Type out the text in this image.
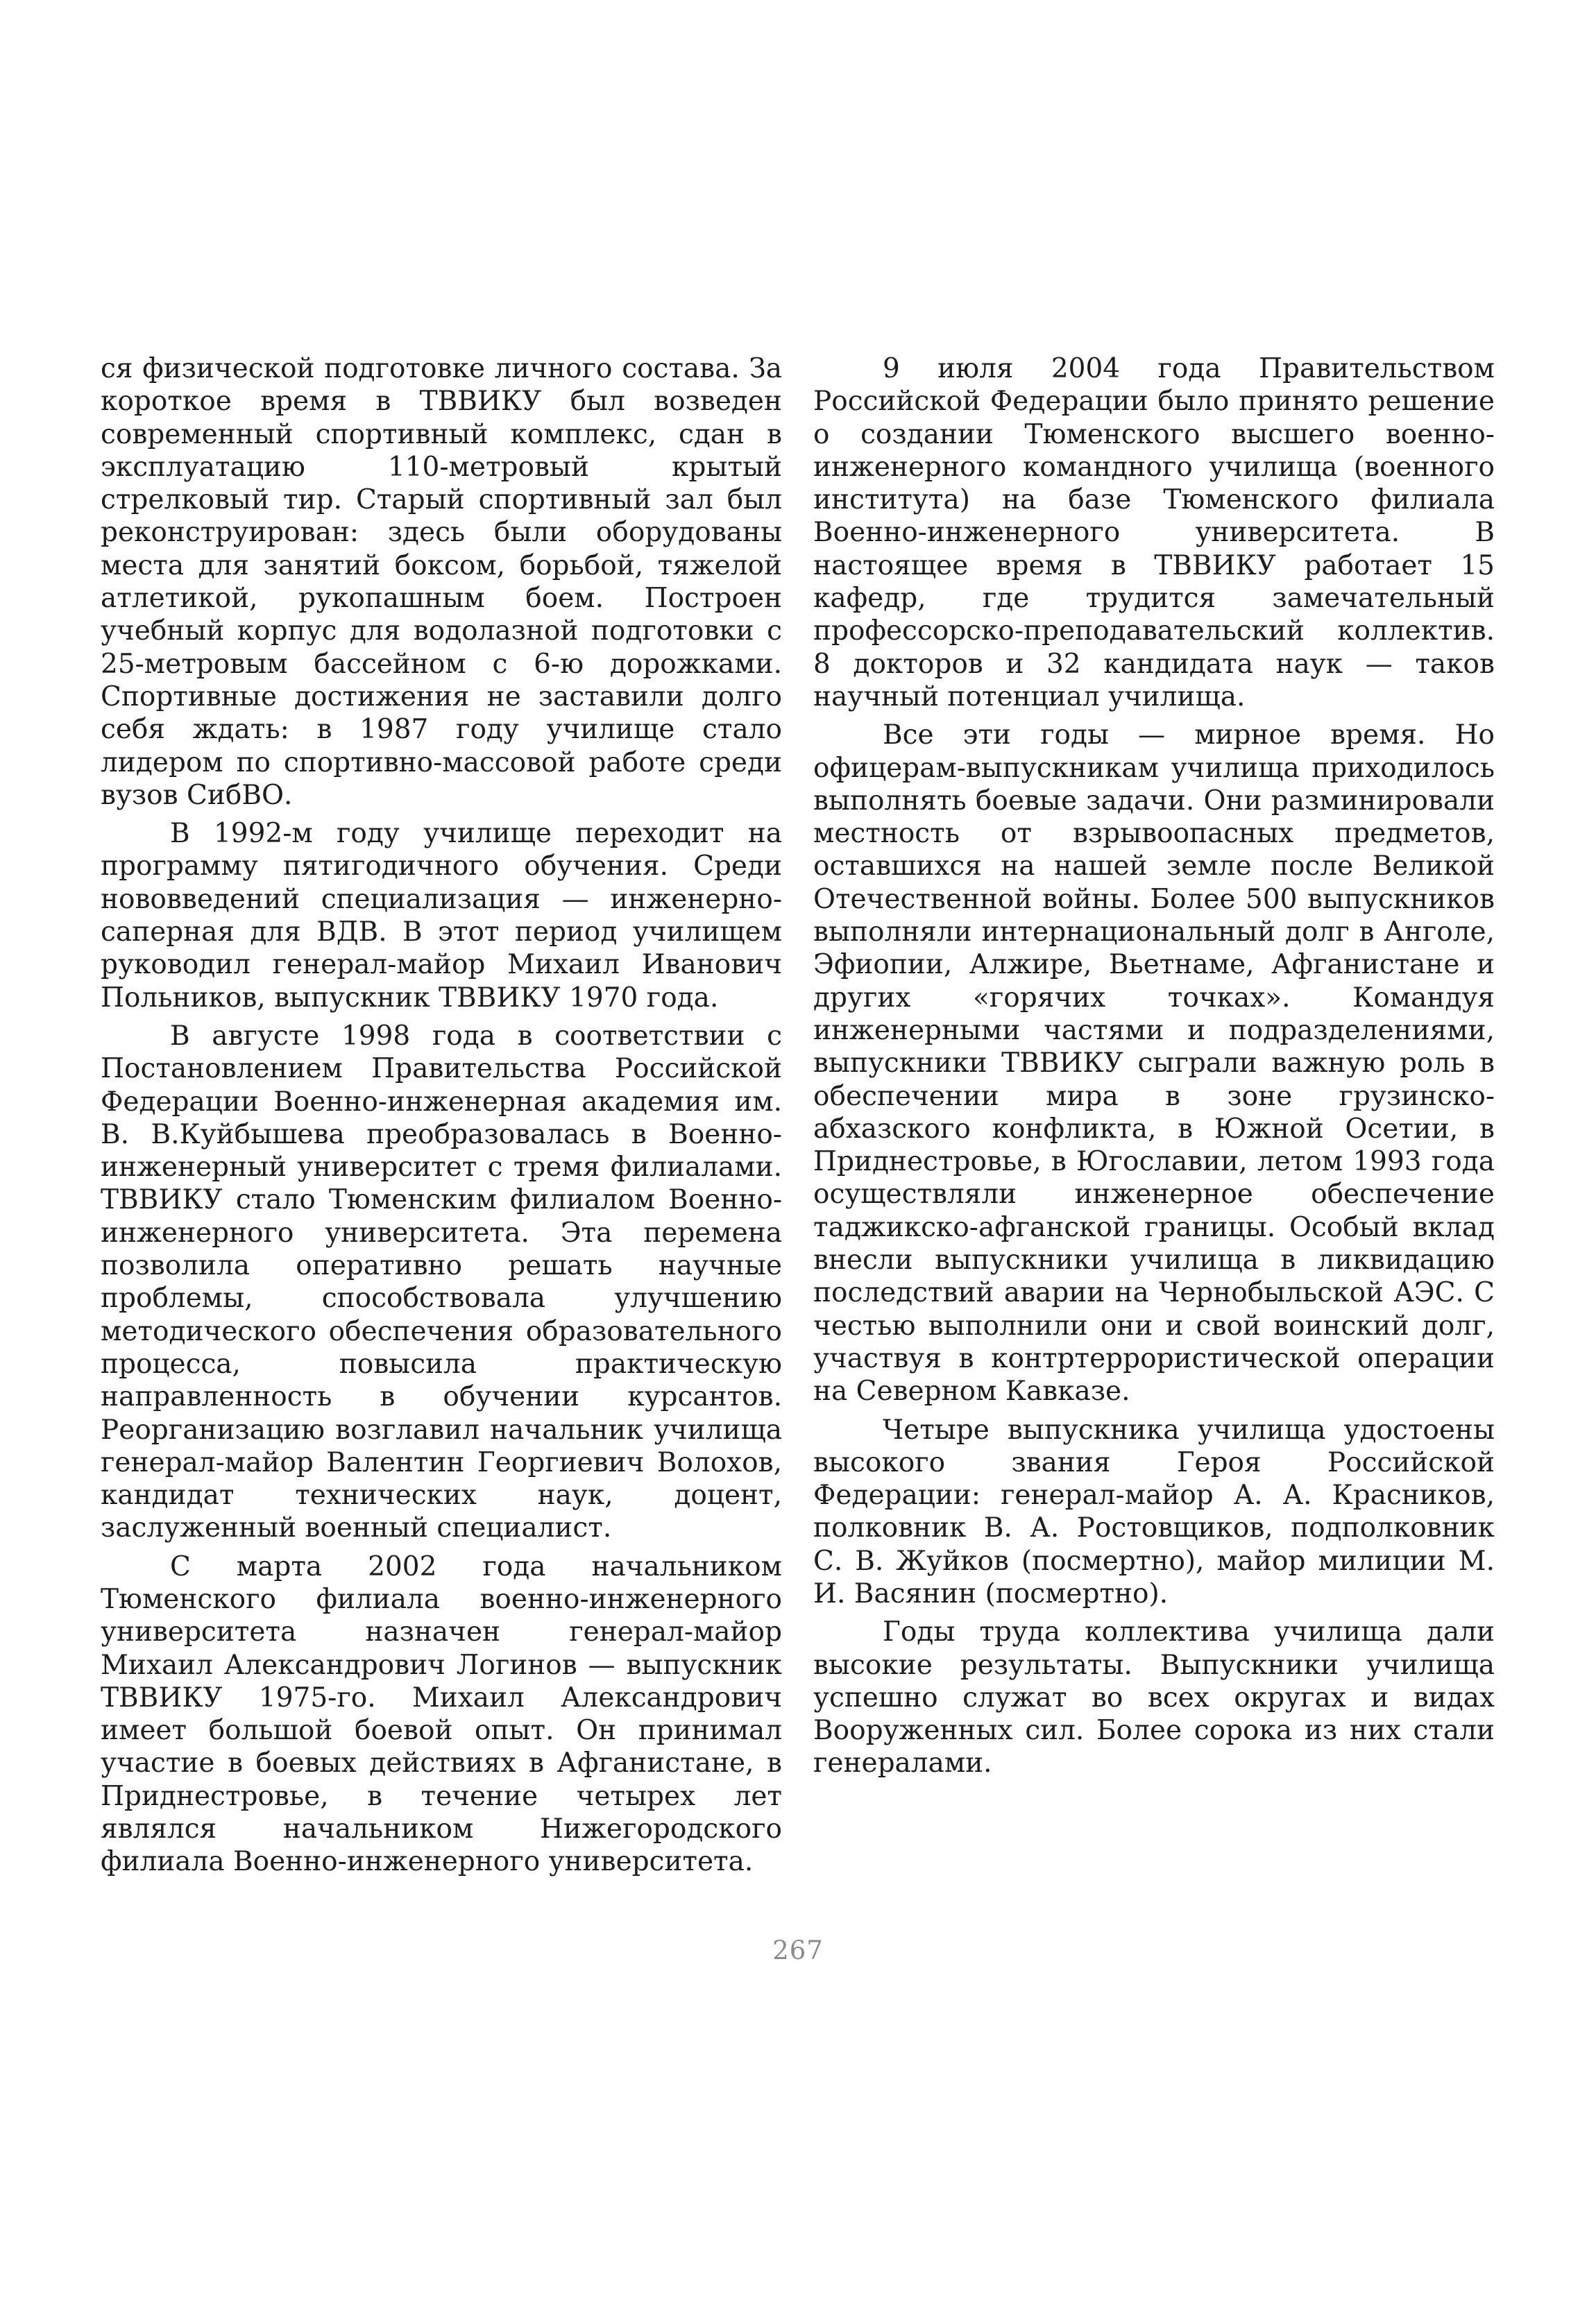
ся физической подготовке личного состава. За короткое время в ТВВИКУ был возведен современный спортивный комплекс, сдан в эксплуатацию 110-метровый крытый стрелковый тир. Старый спортивный зал был реконструирован: здесь были оборудованы места для занятий боксом, борьбой, тяжелой атлетикой, рукопашным боем. Построен учебный корпус для водолазной подготовки с 25-метровым бассейном с 6-ю дорожками. Спортивные достижения не заставили долго себя ждать: в 1987 году училище стало лидером по спортивно-массовой работе среди вузов СибВО.

В 1992-м году училище переходит на программу пятигодичного обучения. Среди нововведений специализация — инженерно-саперная для ВДВ. В этот период училищем руководил генерал-майор Михаил Иванович Польников, выпускник ТВВИКУ 1970 года.

В августе 1998 года в соответствии с Постановлением Правительства Российской Федерации Военно-инженерная академия им. В. В.Куйбышева преобразовалась в Военно-инженерный университет с тремя филиалами. ТВВИКУ стало Тюменским филиалом Военно-инженерного университета. Эта перемена позволила оперативно решать научные проблемы, способствовала улучшению методического обеспечения образовательного процесса, повысила практическую направленность в обучении курсантов. Реорганизацию возглавил начальник училища генерал-майор Валентин Георгиевич Волохов, кандидат технических наук, доцент, заслуженный военный специалист.

С марта 2002 года начальником Тюменского филиала военно-инженерного университета назначен генерал-майор Михаил Александрович Логинов — выпускник ТВВИКУ 1975-го. Михаил Александрович имеет большой боевой опыт. Он принимал участие в боевых действиях в Афганистане, в Приднестровье, в течение четырех лет являлся начальником Нижегородского филиала Военно-инженерного университета.

9 июля 2004 года Правительством Российской Федерации было принято решение о создании Тюменского высшего военно-инженерного командного училища (военного института) на базе Тюменского филиала Военно-инженерного университета. В настоящее время в ТВВИКУ работает 15 кафедр, где трудится замечательный профессорско-преподавательский коллектив. 8 докторов и 32 кандидата наук — таков научный потенциал училища.

Все эти годы — мирное время. Но офицерам-выпускникам училища приходилось выполнять боевые задачи. Они разминировали местность от взрывоопасных предметов, оставшихся на нашей земле после Великой Отечественной войны. Более 500 выпускников выполняли интернациональный долг в Анголе, Эфиопии, Алжире, Вьетнаме, Афганистане и других «горячих точках». Командуя инженерными частями и подразделениями, выпускники ТВВИКУ сыграли важную роль в обеспечении мира в зоне грузинско-абхазского конфликта, в Южной Осетии, в Приднестровье, в Югославии, летом 1993 года осуществляли инженерное обеспечение таджикско-афганской границы. Особый вклад внесли выпускники училища в ликвидацию последствий аварии на Чернобыльской АЭС. С честью выполнили они и свой воинский долг, участвуя в контртеррористической операции на Северном Кавказе.

Четыре выпускника училища удостоены высокого звания Героя Российской Федерации: генерал-майор А. А. Красников, полковник В. А. Ростовщиков, подполковник С. В. Жуйков (посмертно), майор милиции М. И. Васянин (посмертно).

Годы труда коллектива училища дали высокие результаты. Выпускники училища успешно служат во всех округах и видах Вооруженных сил. Более сорока из них стали генералами.

267
